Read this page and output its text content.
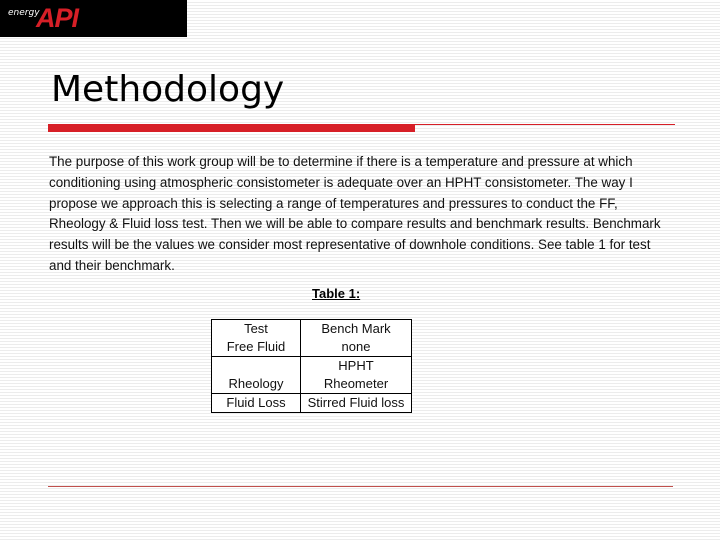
energy
API
Methodology

The purpose of this work group will be to determine if there is a temperature and pressure at which conditioning using atmospheric consistometer is adequate over an HPHT consistometer. The way I propose we approach this is selecting a range of temperatures and pressures to conduct the FF, Rheology & Fluid loss test. Then we will be able to compare results and benchmark results. Benchmark results will be the values we consider most representative of downhole conditions. See table 1 for test and their benchmark.

Table 1:
Test	Bench Mark
Free Fluid	none
Rheology	HPHT
Rheometer

Fluid Loss	Stirred Fluid loss
